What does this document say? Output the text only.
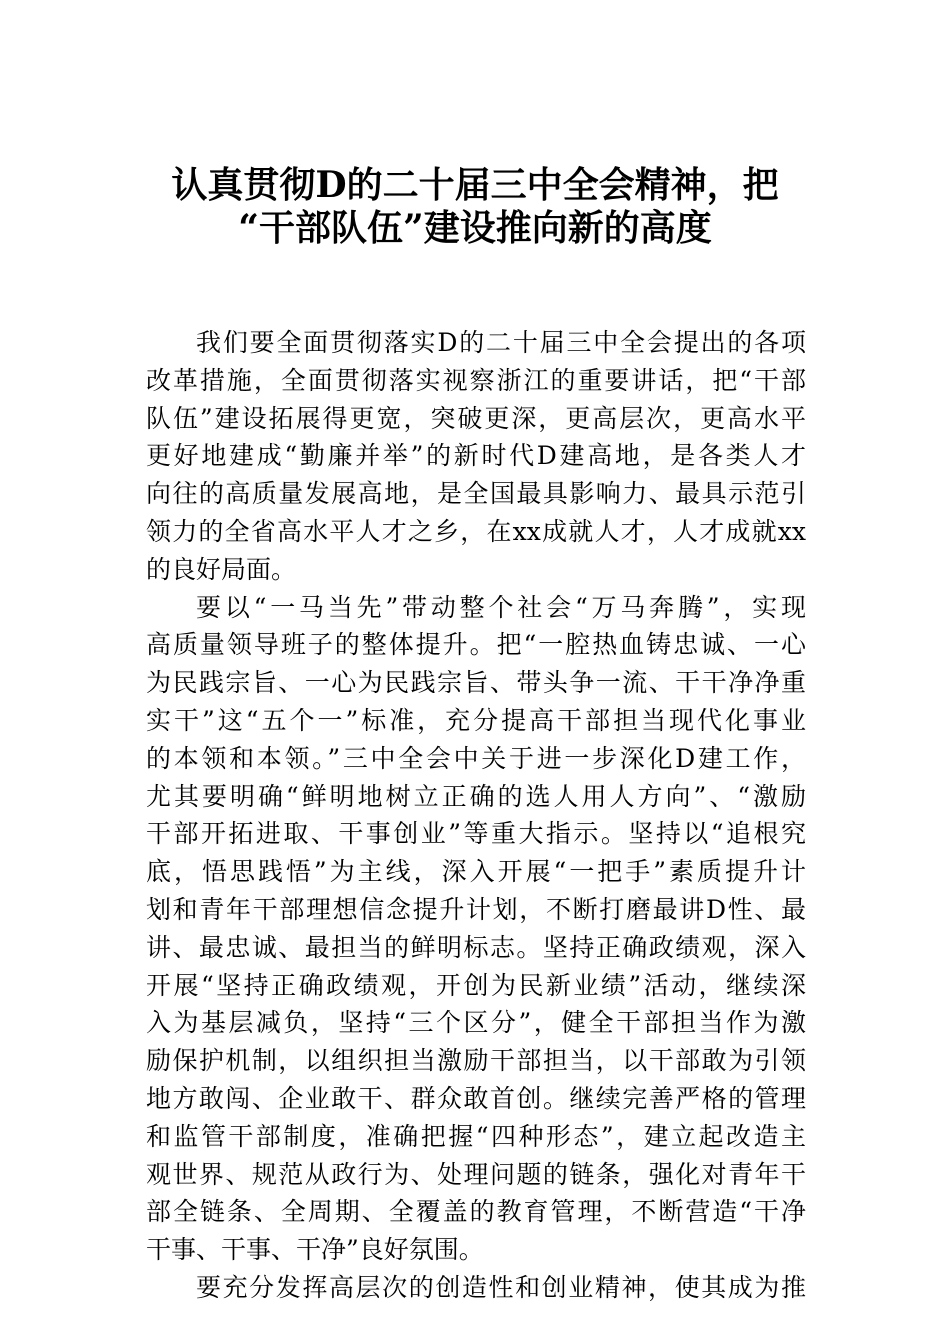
认真贯彻D的二十届三中全会精神，把
“干部队伍”建设推向新的高度
我们要全面贯彻落实D的二十届三中全会提出的各项
改革措施，全面贯彻落实视察浙江的重要讲话，把“干部
队伍”建设拓展得更宽，突破更深，更高层次，更高水平
更好地建成“勤廉并举”的新时代D建高地，是各类人才
向往的高质量发展高地，是全国最具影响力、最具示范引
领力的全省高水平人才之乡，在xx成就人才，人才成就xx
的良好局面。
要以“一马当先”带动整个社会“万马奔腾”，实现
高质量领导班子的整体提升。把“一腔热血铸忠诚、一心
为民践宗旨、一心为民践宗旨、带头争一流、干干净净重
实干”这“五个一”标准，充分提高干部担当现代化事业
的本领和本领。”三中全会中关于进一步深化D建工作，
尤其要明确“鲜明地树立正确的选人用人方向”、“激励
干部开拓进取、干事创业”等重大指示。坚持以“追根究
底，悟思践悟”为主线，深入开展“一把手”素质提升计
划和青年干部理想信念提升计划，不断打磨最讲D性、最
讲、最忠诚、最担当的鲜明标志。坚持正确政绩观，深入
开展“坚持正确政绩观，开创为民新业绩”活动，继续深
入为基层减负，坚持“三个区分”，健全干部担当作为激
励保护机制，以组织担当激励干部担当，以干部敢为引领
地方敢闯、企业敢干、群众敢首创。继续完善严格的管理
和监管干部制度，准确把握“四种形态”，建立起改造主
观世界、规范从政行为、处理问题的链条，强化对青年干
部全链条、全周期、全覆盖的教育管理，不断营造“干净
干事、干事、干净”良好氛围。
要充分发挥高层次的创造性和创业精神，使其成为推
